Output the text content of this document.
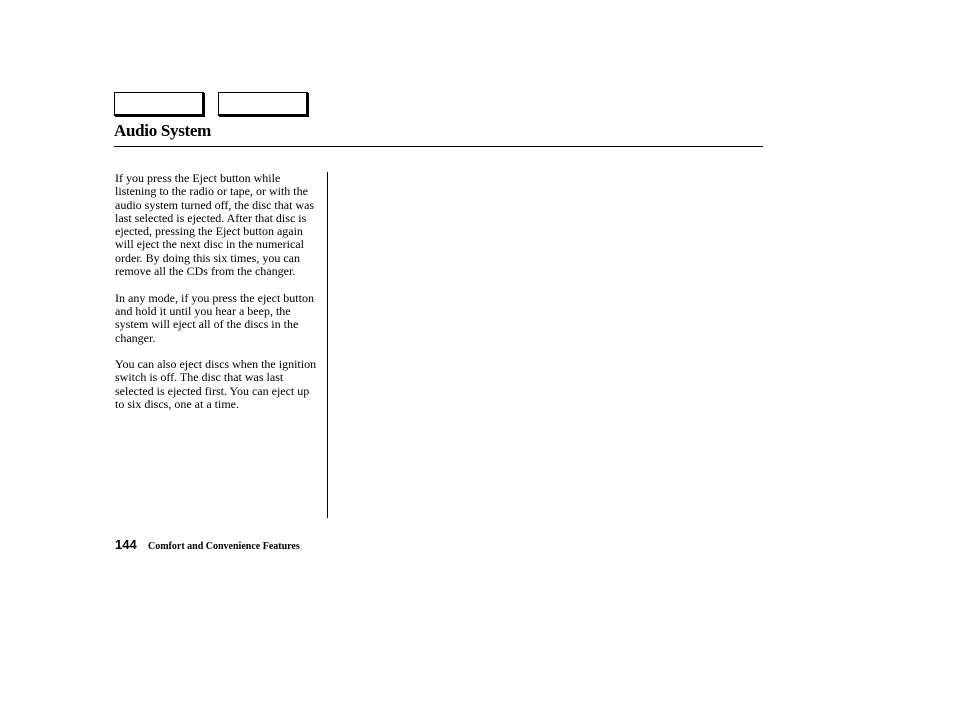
Audio System

If you press the Eject button while listening to the radio or tape, or with the audio system turned off, the disc that was last selected is ejected. After that disc is ejected, pressing the Eject button again will eject the next disc in the numerical order. By doing this six times, you can remove all the CDs from the changer.

In any mode, if you press the eject button and hold it until you hear a beep, the system will eject all of the discs in the changer.

You can also eject discs when the ignition switch is off. The disc that was last selected is ejected first. You can eject up to six discs, one at a time.

144 Comfort and Convenience Features
